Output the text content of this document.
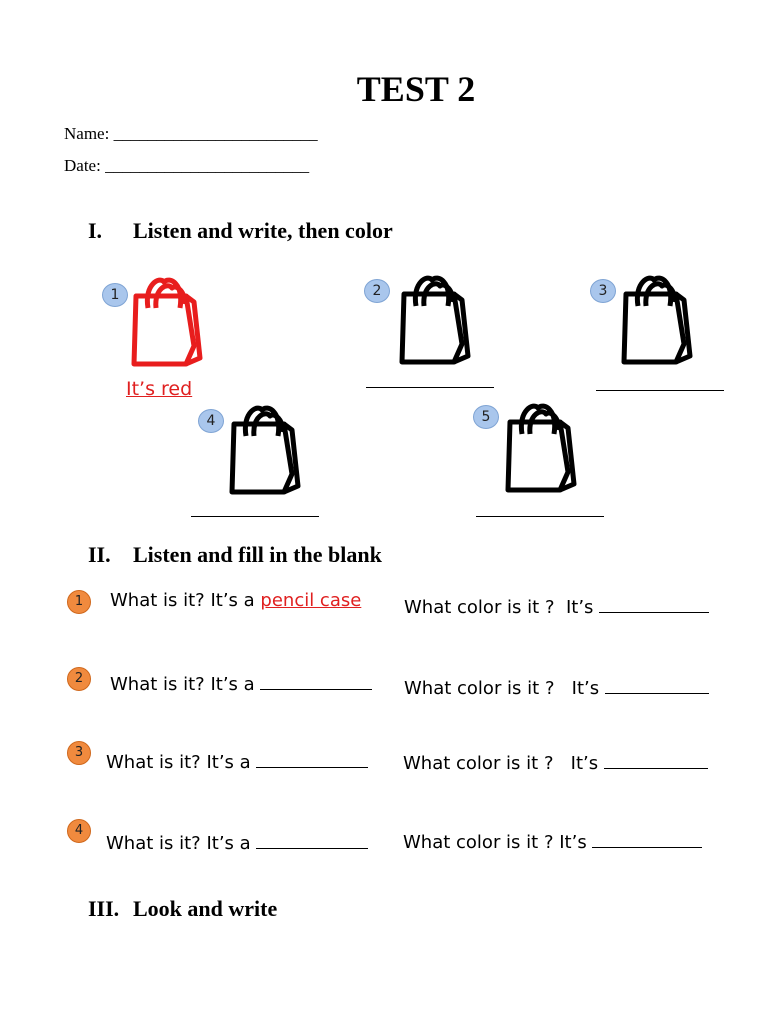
TEST 2
Name: ________________________
Date: ________________________
I. Listen and write, then color
1
It’s red
2	3
4	5
II. Listen and fill in the blank
1	What is it? It’s a pencil case What color is it ? It’s
2	What is it? It’s a	What color is it ? It’s
3	What is it? It’s a	What color is it ? It’s
4
What is it? It’s a	What color is it ? It’s
III. Look and write
